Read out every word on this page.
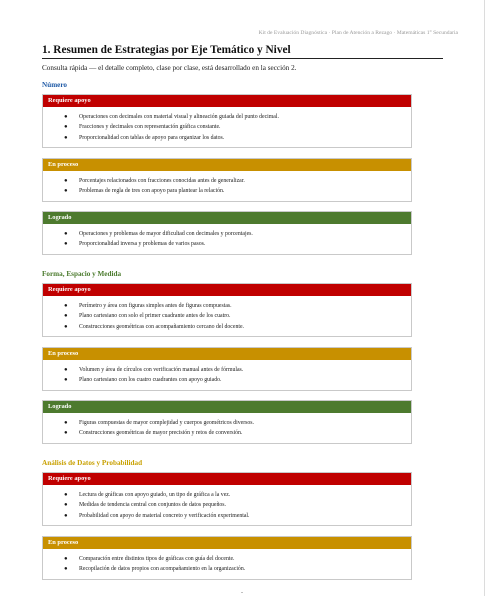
Kit de Evaluación Diagnóstica · Plan de Atención a Rezago · Matemáticas 1° Secundaria
1. Resumen de Estrategias por Eje Temático y Nivel
Consulta rápida — el detalle completo, clase por clase, está desarrollado en la sección 2.
Número
Requiere apoyo
● Operaciones con decimales con material visual y alineación guiada del punto decimal.
● Fracciones y decimales con representación gráfica constante.
● Proporcionalidad con tablas de apoyo para organizar los datos.
En proceso
● Porcentajes relacionados con fracciones conocidas antes de generalizar.
● Problemas de regla de tres con apoyo para plantear la relación.
Logrado
● Operaciones y problemas de mayor dificultad con decimales y porcentajes.
● Proporcionalidad inversa y problemas de varios pasos.
Forma, Espacio y Medida
Requiere apoyo
● Perímetro y área con figuras simples antes de figuras compuestas.
● Plano cartesiano con solo el primer cuadrante antes de los cuatro.
● Construcciones geométricas con acompañamiento cercano del docente.
En proceso
● Volumen y área de círculos con verificación manual antes de fórmulas.
● Plano cartesiano con los cuatro cuadrantes con apoyo guiado.
Logrado
● Figuras compuestas de mayor complejidad y cuerpos geométricos diversos.
● Construcciones geométricas de mayor precisión y retos de conversión.
Análisis de Datos y Probabilidad
Requiere apoyo
● Lectura de gráficas con apoyo guiado, un tipo de gráfica a la vez.
● Medidas de tendencia central con conjuntos de datos pequeños.
● Probabilidad con apoyo de material concreto y verificación experimental.
En proceso
● Comparación entre distintos tipos de gráficas con guía del docente.
● Recopilación de datos propios con acompañamiento en la organización.
-
